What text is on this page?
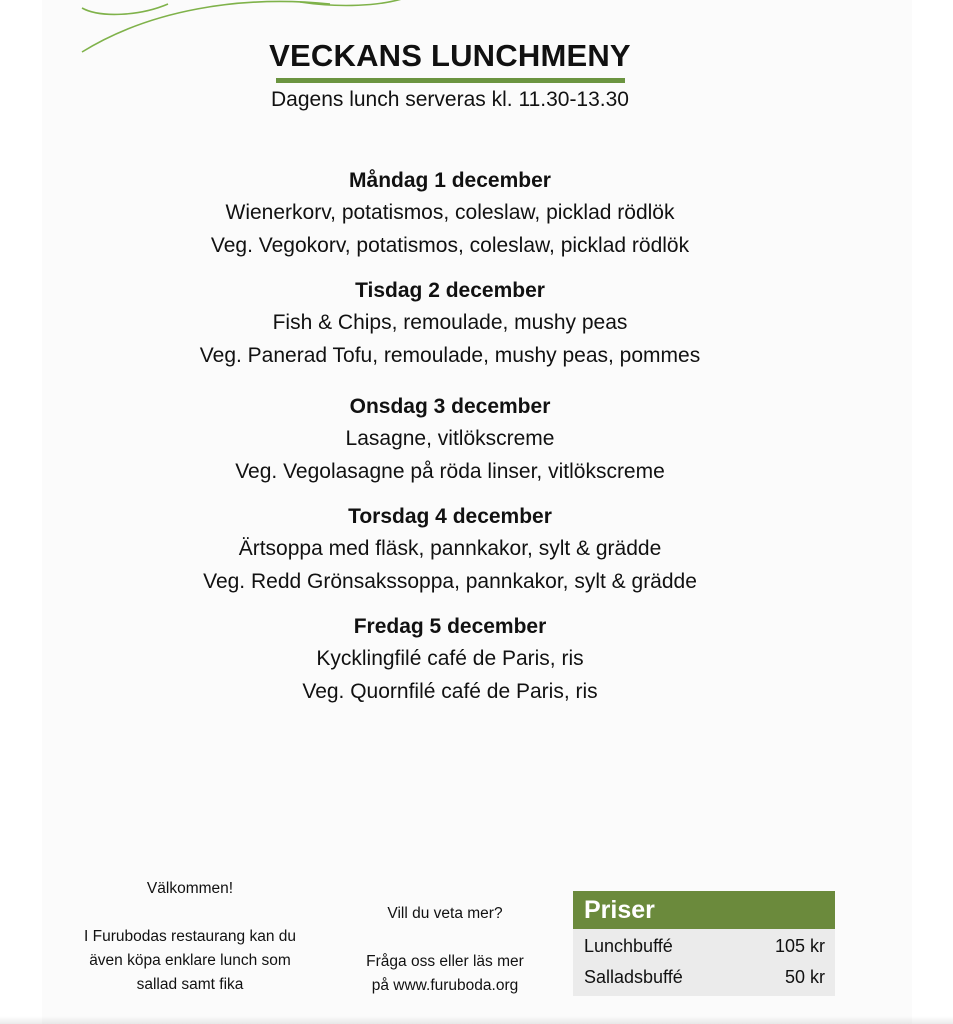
VECKANS LUNCHMENY
Dagens lunch serveras kl. 11.30-13.30
Måndag 1 december
Wienerkorv, potatismos, coleslaw, picklad rödlök
Veg. Vegokorv, potatismos, coleslaw, picklad rödlök
Tisdag 2 december
Fish & Chips, remoulade, mushy peas
Veg. Panerad Tofu, remoulade, mushy peas, pommes
Onsdag 3 december
Lasagne, vitlökscreme
Veg. Vegolasagne på röda linser, vitlökscreme
Torsdag 4 december
Ärtsoppa med fläsk, pannkakor, sylt & grädde
Veg. Redd Grönsakssoppa, pannkakor, sylt & grädde
Fredag 5 december
Kycklingfilé café de Paris, ris
Veg. Quornfilé café de Paris, ris
Välkommen!
I Furubodas restaurang kan du
även köpa enklare lunch som
sallad samt fika
Vill du veta mer?
Fråga oss eller läs mer
på www.furuboda.org
Priser
Lunchbuffé	105 kr
Salladsbuffé	50 kr
